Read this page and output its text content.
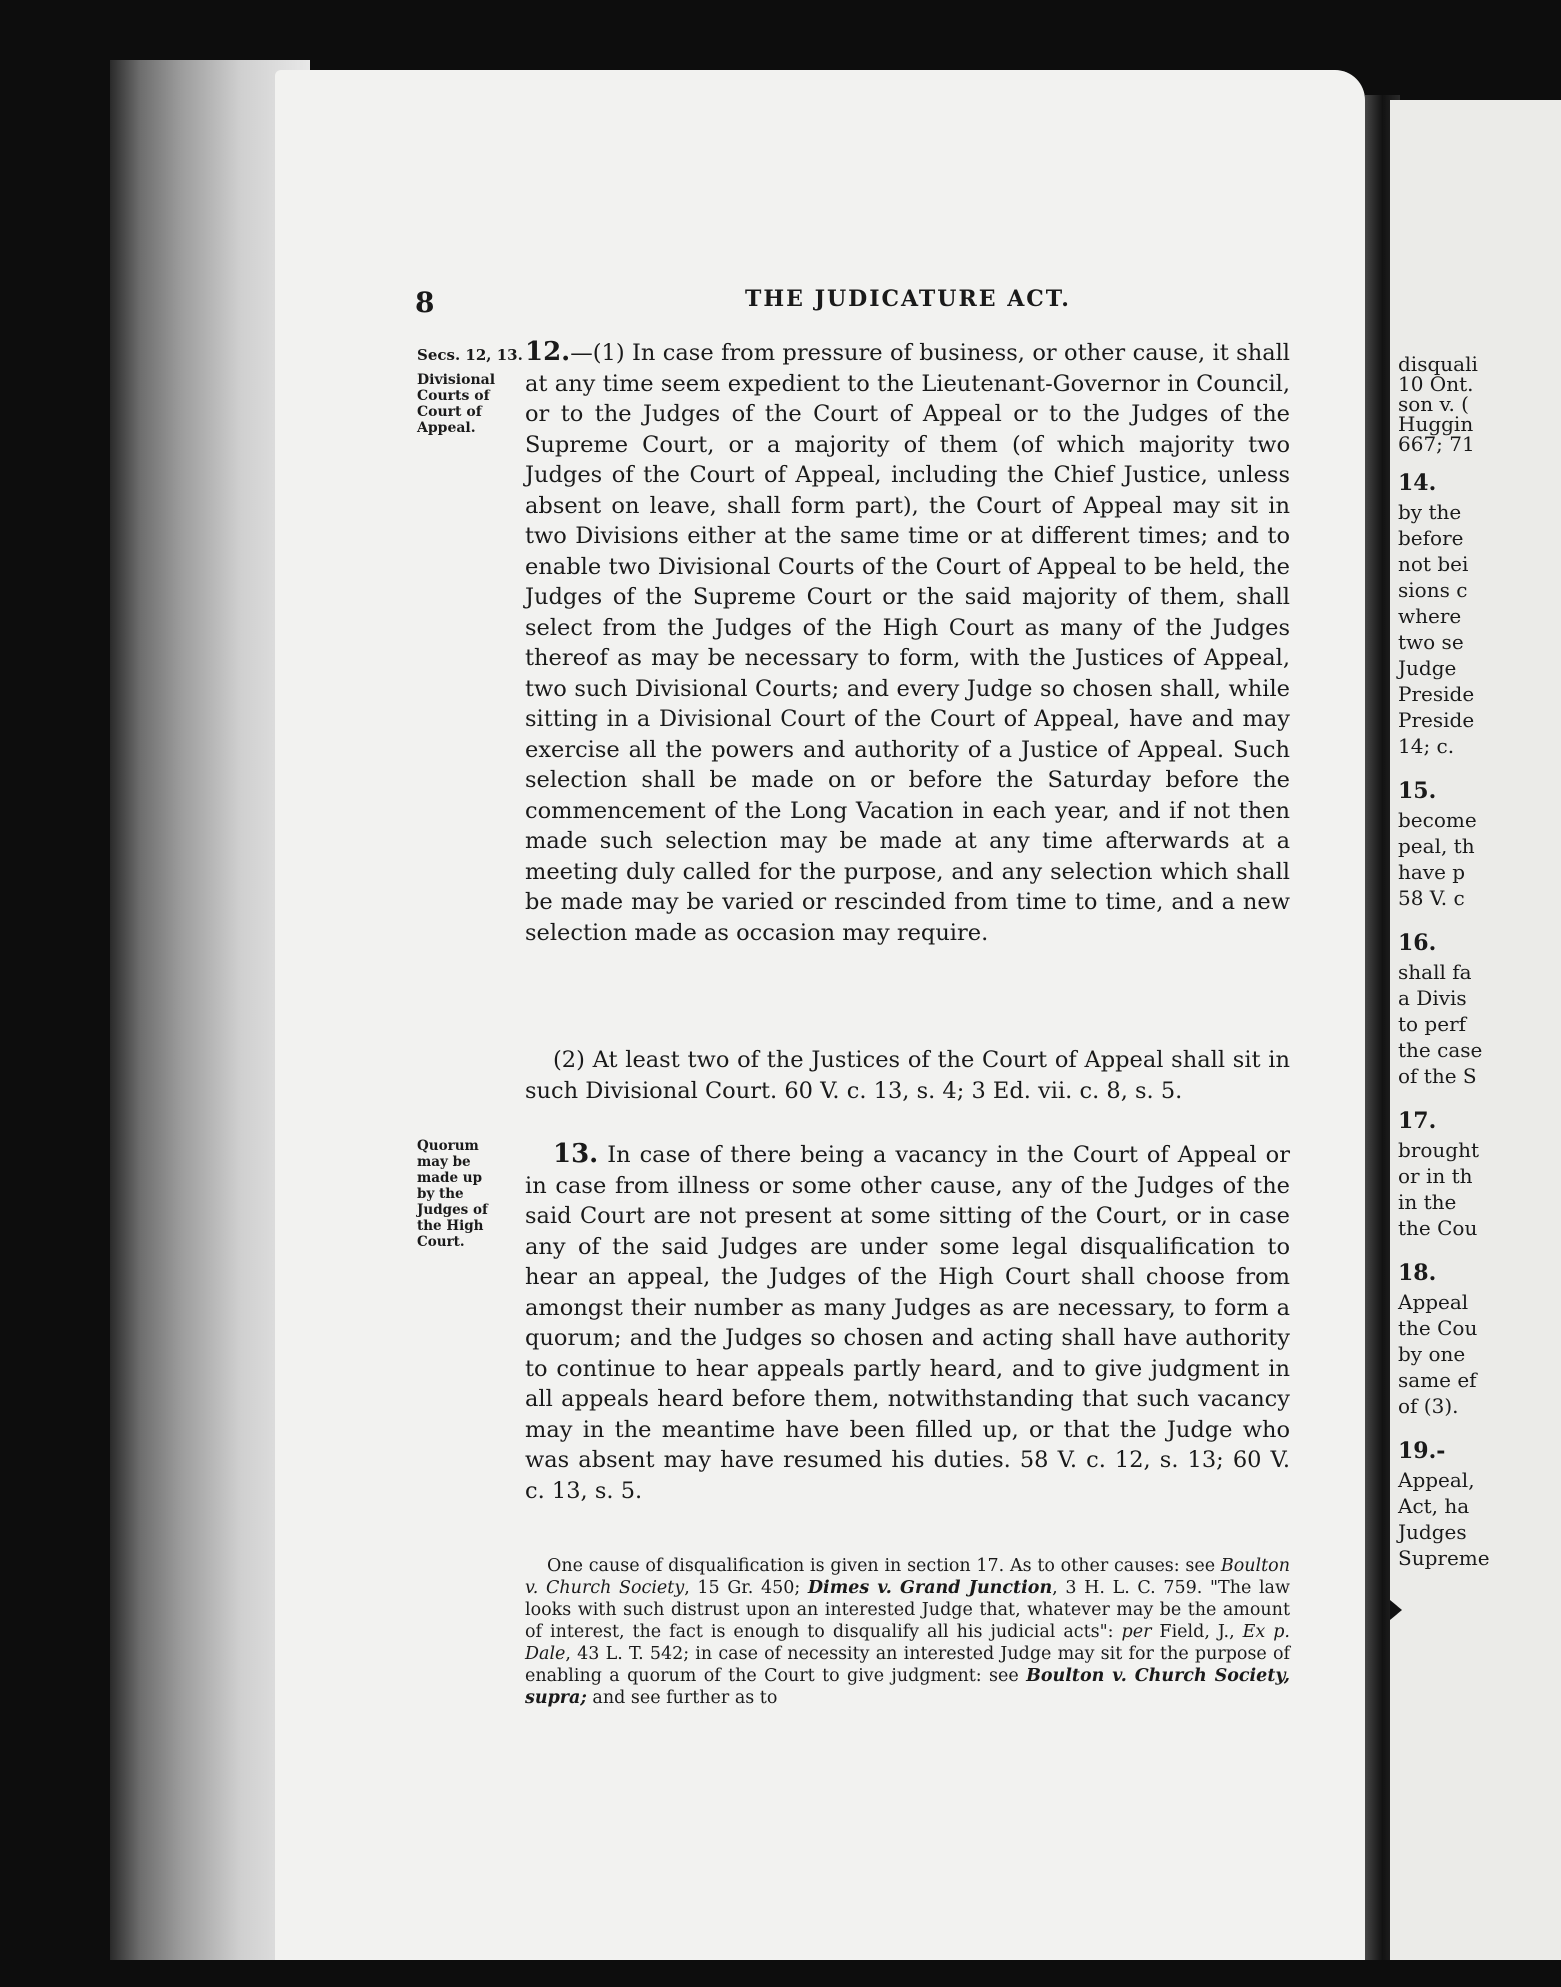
8	THE JUDICATURE ACT.
Secs. 12, 13.
Divisional Courts of Court of Appeal.
12.—(1) In case from pressure of business, or other cause, it shall at any time seem expedient to the Lieutenant-Governor in Council, or to the Judges of the Court of Appeal or to the Judges of the Supreme Court, or a majority of them (of which majority two Judges of the Court of Appeal, including the Chief Justice, unless absent on leave, shall form part), the Court of Appeal may sit in two Divisions either at the same time or at different times; and to enable two Divisional Courts of the Court of Appeal to be held, the Judges of the Supreme Court or the said majority of them, shall select from the Judges of the High Court as many of the Judges thereof as may be necessary to form, with the Justices of Appeal, two such Divisional Courts; and every Judge so chosen shall, while sitting in a Divisional Court of the Court of Appeal, have and may exercise all the powers and authority of a Justice of Appeal. Such selection shall be made on or before the Saturday before the commencement of the Long Vacation in each year, and if not then made such selection may be made at any time afterwards at a meeting duly called for the purpose, and any selection which shall be made may be varied or rescinded from time to time, and a new selection made as occasion may require.
(2) At least two of the Justices of the Court of Appeal shall sit in such Divisional Court. 60 V. c. 13, s. 4; 3 Ed. vii. c. 8, s. 5.
Quorum may be made up by the Judges of the High Court.
13. In case of there being a vacancy in the Court of Appeal or in case from illness or some other cause, any of the Judges of the said Court are not present at some sitting of the Court, or in case any of the said Judges are under some legal disqualification to hear an appeal, the Judges of the High Court shall choose from amongst their number as many Judges as are necessary, to form a quorum; and the Judges so chosen and acting shall have authority to continue to hear appeals partly heard, and to give judgment in all appeals heard before them, notwithstanding that such vacancy may in the meantime have been filled up, or that the Judge who was absent may have resumed his duties. 58 V. c. 12, s. 13; 60 V. c. 13, s. 5.
One cause of disqualification is given in section 17. As to other causes: see Boulton v. Church Society, 15 Gr. 450; Dimes v. Grand Junction, 3 H. L. C. 759. "The law looks with such distrust upon an interested Judge that, whatever may be the amount of interest, the fact is enough to disqualify all his judicial acts": per Field, J., Ex p. Dale, 43 L. T. 542; in case of necessity an interested Judge may sit for the purpose of enabling a quorum of the Court to give judgment: see Boulton v. Church Society, supra; and see further as to
disquali
10 Ont.
son v. (
Huggin
667; 71
14.
by the
before
not bei
sions c
where
two se
Judge
Preside
Preside
14; c.
15.
become
peal, th
have p
58 V. c
16.
shall fa
a Divis
to perf
the case
of the S
17.
brought
or in th
in the
the Cou
18.
Appeal
the Cou
by one
same ef
of (3).
19.-
Appeal,
Act, ha
Judges
Supreme
